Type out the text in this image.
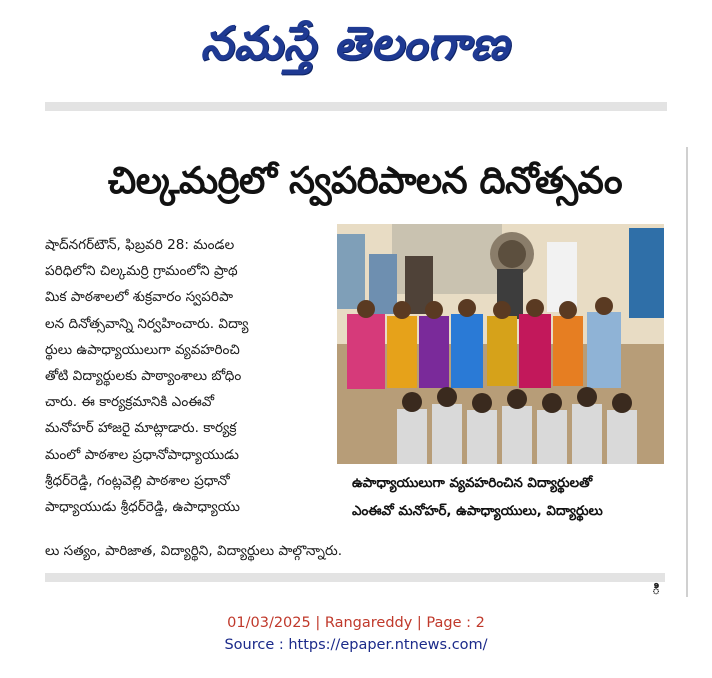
నమస్తే తెలంగాణ
చిల్కమర్రిలో స్వపరిపాలన దినోత్సవం
షాద్‌నగర్‌టౌన్, ఫిబ్రవరి 28: మండల
పరిధిలోని చిల్కమర్రి గ్రామంలోని ప్రాథ
మిక పాఠశాలలో శుక్రవారం స్వపరిపా
లన దినోత్సవాన్ని నిర్వహించారు. విద్యా
ర్థులు ఉపాధ్యాయులుగా వ్యవహరించి
తోటి విద్యార్థులకు పాఠ్యాంశాలు బోధిం
చారు. ఈ కార్యక్రమానికి ఎంఈవో
మనోహర్ హాజరై మాట్లాడారు. కార్యక్ర
మంలో పాఠశాల ప్రధానోపాధ్యాయుడు
శ్రీధర్‌రెడ్డి, గంట్లవెల్లి పాఠశాల ప్రధానో
పాధ్యాయుడు శ్రీధర్‌రెడ్డి, ఉపాధ్యాయు
లు సత్యం, పారిజాత, విద్యార్థిని, విద్యార్థులు పాల్గొన్నారు.
ఉపాధ్యాయులుగా వ్యవహరించిన విద్యార్థులతో
ఎంఈవో మనోహర్, ఉపాధ్యాయులు, విద్యార్థులు
ి
01/03/2025 | Rangareddy | Page : 2
Source : https://epaper.ntnews.com/
